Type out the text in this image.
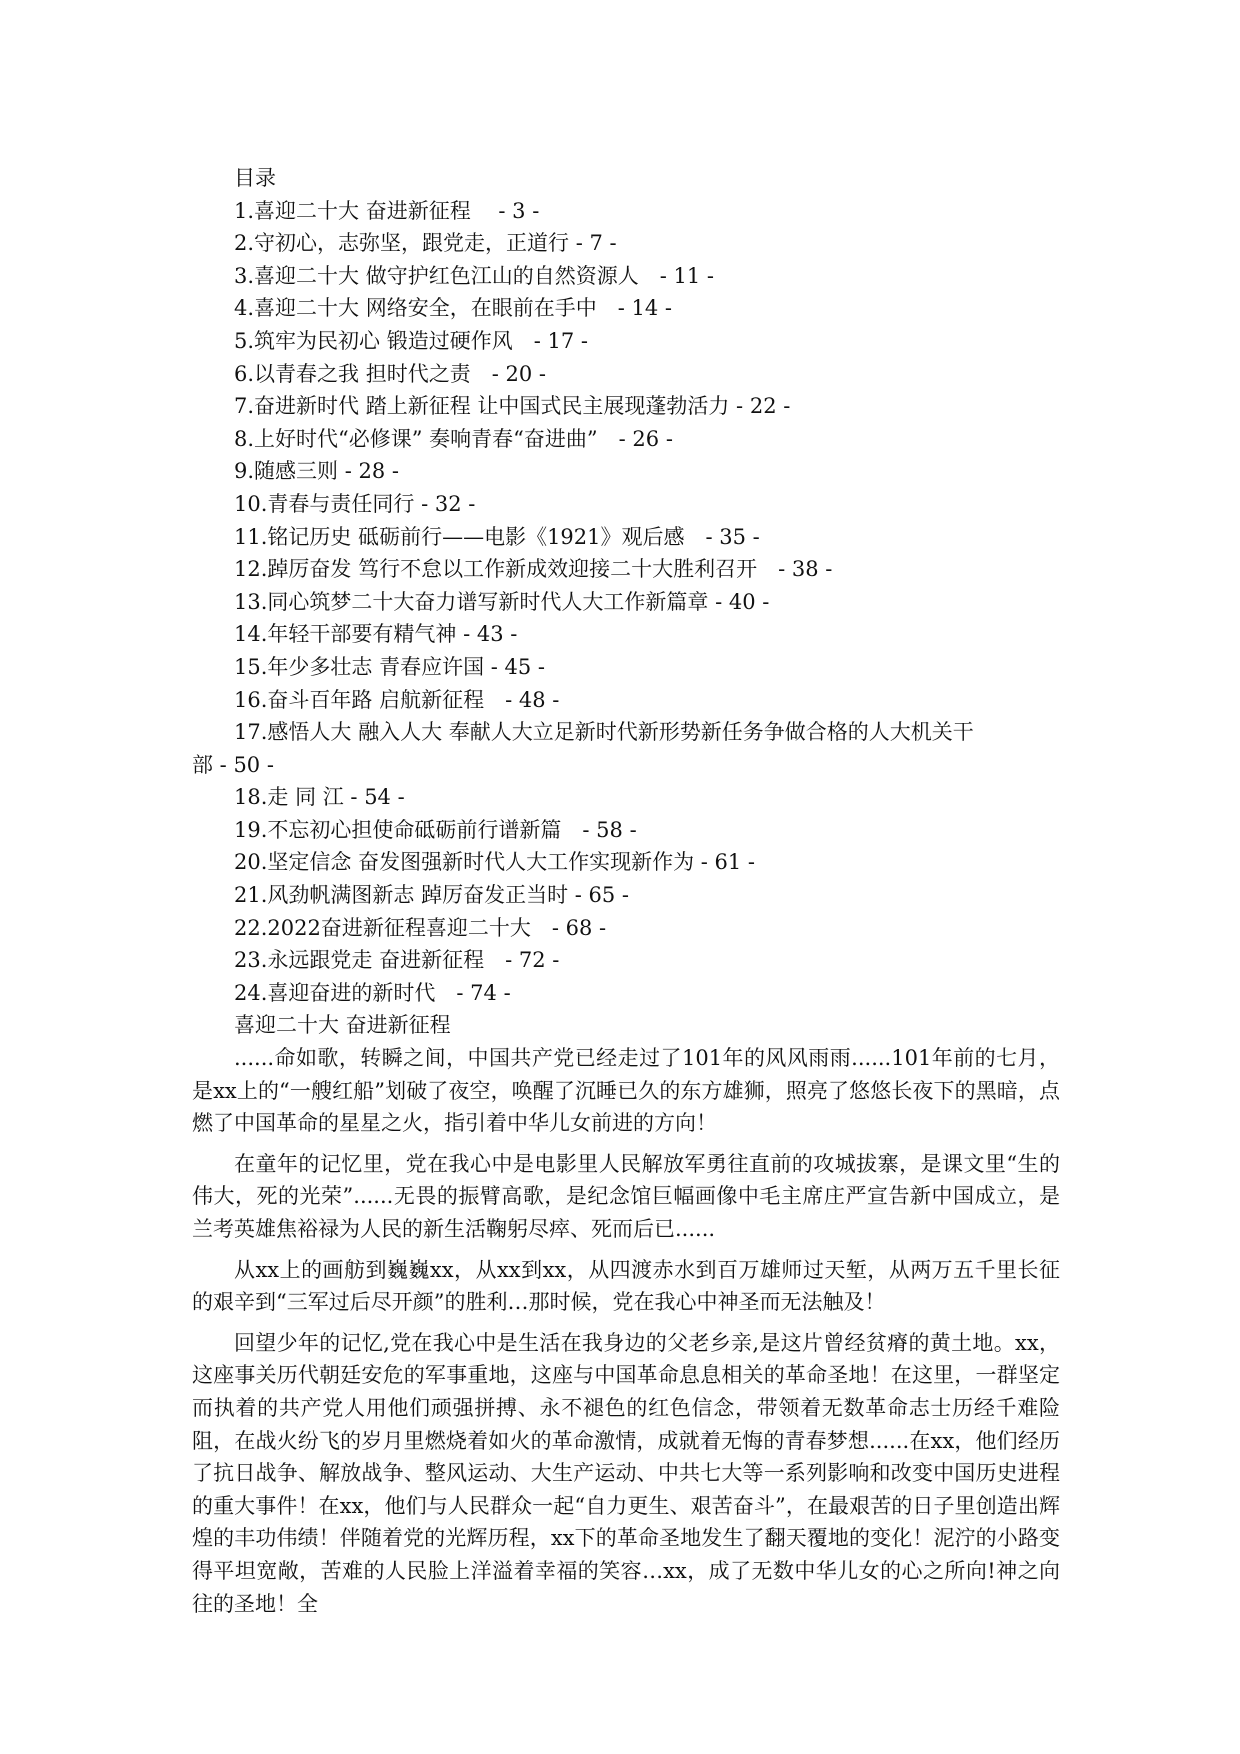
目录

1.喜迎二十大 奋进新征程　 - 3 -

2.守初心，志弥坚，跟党走，正道行 - 7 -

3.喜迎二十大 做守护红色江山的自然资源人　- 11 -

4.喜迎二十大 网络安全，在眼前在手中　- 14 -

5.筑牢为民初心 锻造过硬作风　- 17 -

6.以青春之我 担时代之责　- 20 -

7.奋进新时代 踏上新征程 让中国式民主展现蓬勃活力 - 22 -

8.上好时代“必修课” 奏响青春“奋进曲”　- 26 -

9.随感三则 - 28 -

10.青春与责任同行 - 32 -

11.铭记历史 砥砺前行——电影《1921》观后感　- 35 -

12.踔厉奋发 笃行不怠以工作新成效迎接二十大胜利召开　- 38 -

13.同心筑梦二十大奋力谱写新时代人大工作新篇章 - 40 -

14.年轻干部要有精气神 - 43 -

15.年少多壮志 青春应许国 - 45 -

16.奋斗百年路 启航新征程　- 48 -

17.感悟人大 融入人大 奉献人大立足新时代新形势新任务争做合格的人大机关干

部 - 50 -

18.走 同 江 - 54 -

19.不忘初心担使命砥砺前行谱新篇　- 58 -

20.坚定信念 奋发图强新时代人大工作实现新作为 - 61 -

21.风劲帆满图新志 踔厉奋发正当时 - 65 -

22.2022奋进新征程喜迎二十大　- 68 -

23.永远跟党走 奋进新征程　- 72 -

24.喜迎奋进的新时代　- 74 -

喜迎二十大 奋进新征程

......命如歌，转瞬之间，中国共产党已经走过了101年的风风雨雨......101年前的七月，是xx上的“一艘红船”划破了夜空，唤醒了沉睡已久的东方雄狮，照亮了悠悠长夜下的黑暗，点燃了中国革命的星星之火，指引着中华儿女前进的方向！

在童年的记忆里，党在我心中是电影里人民解放军勇往直前的攻城拔寨，是课文里“生的伟大，死的光荣”......无畏的振臂高歌，是纪念馆巨幅画像中毛主席庄严宣告新中国成立，是兰考英雄焦裕禄为人民的新生活鞠躬尽瘁、死而后已......

从xx上的画舫到巍巍xx，从xx到xx，从四渡赤水到百万雄师过天堑，从两万五千里长征的艰辛到“三军过后尽开颜”的胜利…那时候，党在我心中神圣而无法触及！

回望少年的记忆,党在我心中是生活在我身边的父老乡亲,是这片曾经贫瘠的黄土地。xx，这座事关历代朝廷安危的军事重地，这座与中国革命息息相关的革命圣地！在这里，一群坚定而执着的共产党人用他们顽强拼搏、永不褪色的红色信念，带领着无数革命志士历经千难险阻，在战火纷飞的岁月里燃烧着如火的革命激情，成就着无悔的青春梦想......在xx，他们经历了抗日战争、解放战争、整风运动、大生产运动、中共七大等一系列影响和改变中国历史进程的重大事件！在xx，他们与人民群众一起“自力更生、艰苦奋斗”，在最艰苦的日子里创造出辉煌的丰功伟绩！伴随着党的光辉历程，xx下的革命圣地发生了翻天覆地的变化！泥泞的小路变得平坦宽敞，苦难的人民脸上洋溢着幸福的笑容…xx，成了无数中华儿女的心之所向!神之向往的圣地！全
